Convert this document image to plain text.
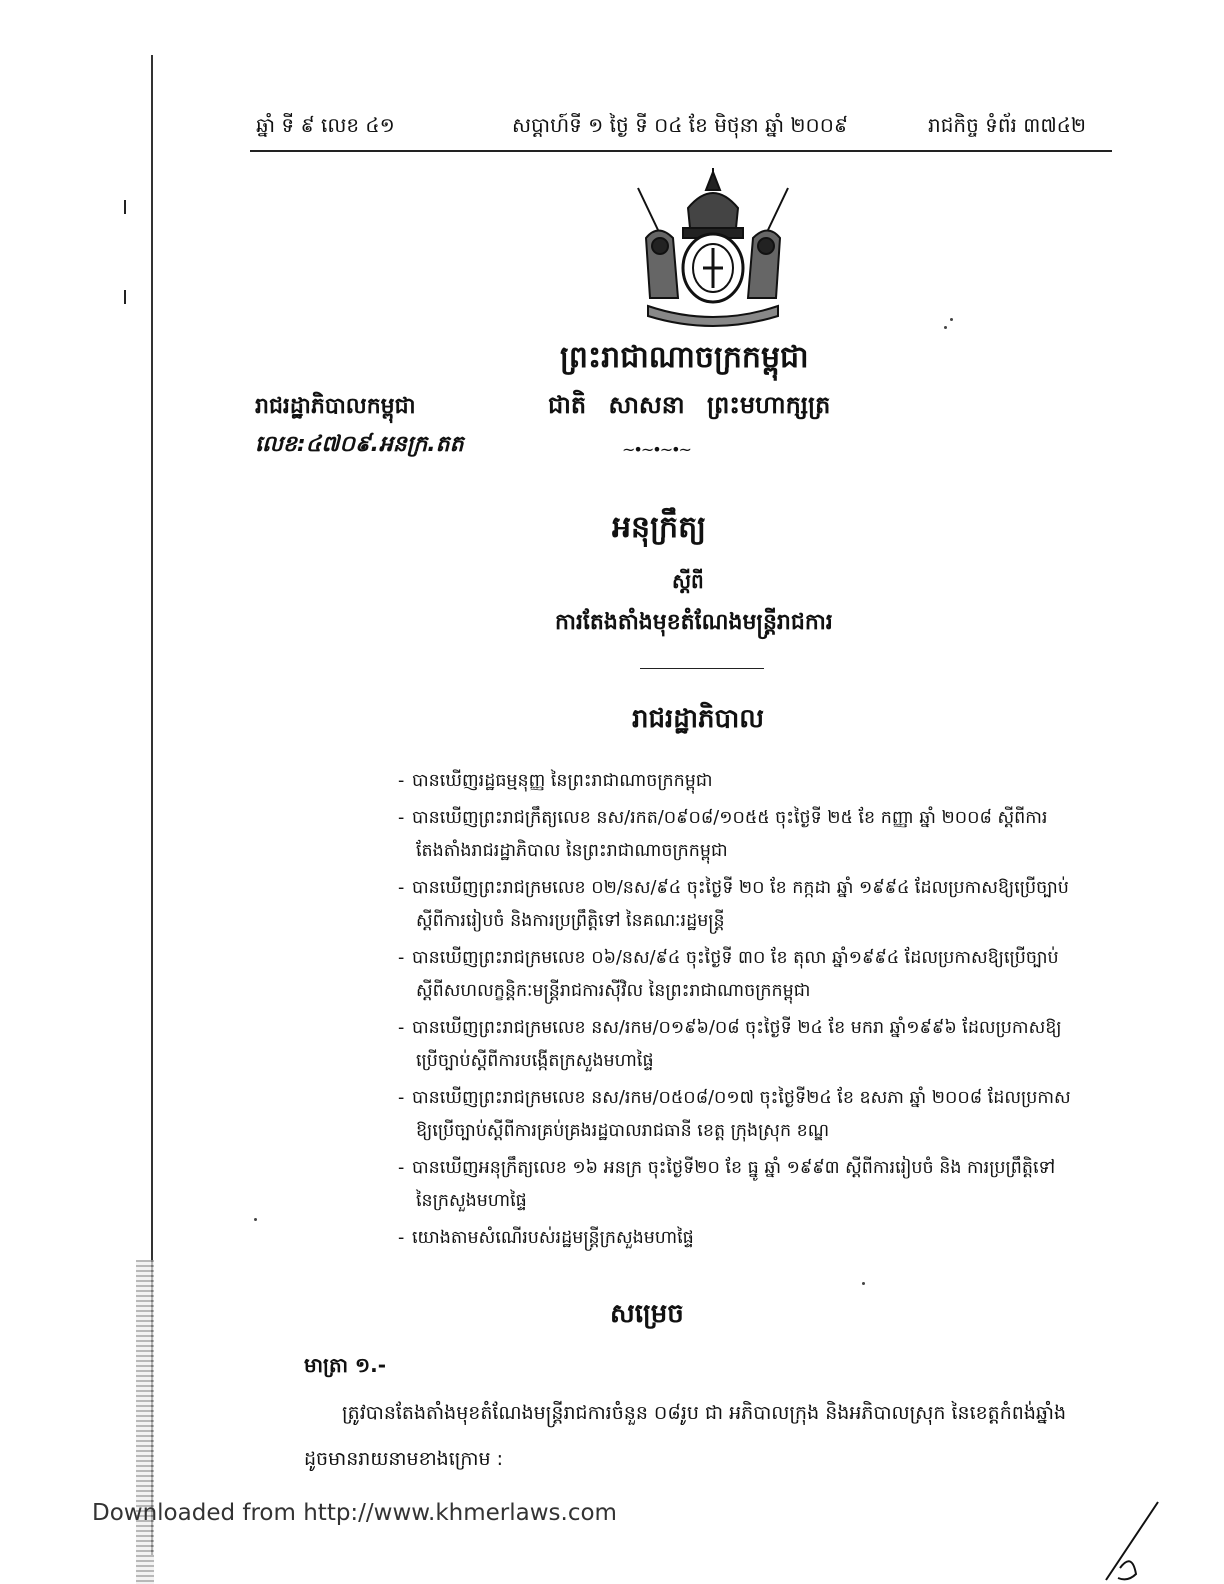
ឆ្នាំ ទី ៩ លេខ ៤១	សប្តាហ៍ទី ១ ថ្ងៃ ទី ០៤ ខែ មិថុនា ឆ្នាំ ២០០៩	រាជកិច្ច ទំព័រ ៣៧៤២
ព្រះរាជាណាចក្រកម្ពុជា
រាជរដ្ឋាភិបាលកម្ពុជា	ជាតិ សាសនា ព្រះមហាក្សត្រ
លេខ:៤៧០៩.អនក្រ.តត	~•~•~•~
អនុក្រឹត្យ
ស្តីពី
ការតែងតាំងមុខតំណែងមន្ត្រីរាជការ
រាជរដ្ឋាភិបាល
- បានឃើញរដ្ឋធម្មនុញ្ញ នៃព្រះរាជាណាចក្រកម្ពុជា
- បានឃើញព្រះរាជក្រឹត្យលេខ នស/រកត/០៩០៨/១០៥៥ ចុះថ្ងៃទី ២៥ ខែ កញ្ញា ឆ្នាំ ២០០៨ ស្តីពីការ
តែងតាំងរាជរដ្ឋាភិបាល នៃព្រះរាជាណាចក្រកម្ពុជា
- បានឃើញព្រះរាជក្រមលេខ ០២/នស/៩៤ ចុះថ្ងៃទី ២០ ខែ កក្កដា ឆ្នាំ ១៩៩៤ ដែលប្រកាសឱ្យប្រើច្បាប់
ស្តីពីការរៀបចំ និងការប្រព្រឹត្តិទៅ នៃគណៈរដ្ឋមន្ត្រី
- បានឃើញព្រះរាជក្រមលេខ ០៦/នស/៩៤ ចុះថ្ងៃទី ៣០ ខែ តុលា ឆ្នាំ១៩៩៤ ដែលប្រកាសឱ្យប្រើច្បាប់
ស្តីពីសហលក្ខន្តិកៈមន្ត្រីរាជការស៊ីវិល នៃព្រះរាជាណាចក្រកម្ពុជា
- បានឃើញព្រះរាជក្រមលេខ នស/រកម/០១៩៦/០៨ ចុះថ្ងៃទី ២៤ ខែ មករា ឆ្នាំ១៩៩៦ ដែលប្រកាសឱ្យ
ប្រើច្បាប់ស្តីពីការបង្កើតក្រសួងមហាផ្ទៃ
- បានឃើញព្រះរាជក្រមលេខ នស/រកម/០៥០៨/០១៧ ចុះថ្ងៃទី២៤ ខែ ឧសភា ឆ្នាំ ២០០៨ ដែលប្រកាស
ឱ្យប្រើច្បាប់ស្តីពីការគ្រប់គ្រងរដ្ឋបាលរាជធានី ខេត្ត ក្រុងស្រុក ខណ្ឌ
- បានឃើញអនុក្រឹត្យលេខ ១៦ អនក្រ ចុះថ្ងៃទី២០ ខែ ធ្នូ ឆ្នាំ ១៩៩៣ ស្តីពីការរៀបចំ និង ការប្រព្រឹត្តិទៅ
នៃក្រសួងមហាផ្ទៃ
- យោងតាមសំណើរបស់រដ្ឋមន្ត្រីក្រសួងមហាផ្ទៃ
សម្រេច
មាត្រា ១.-
ត្រូវបានតែងតាំងមុខតំណែងមន្ត្រីរាជការចំនួន ០៨រូប ជា អភិបាលក្រុង និងអភិបាលស្រុក នៃខេត្តកំពង់ឆ្នាំង
ដូចមានរាយនាមខាងក្រោម :
Downloaded from http://www.khmerlaws.com
